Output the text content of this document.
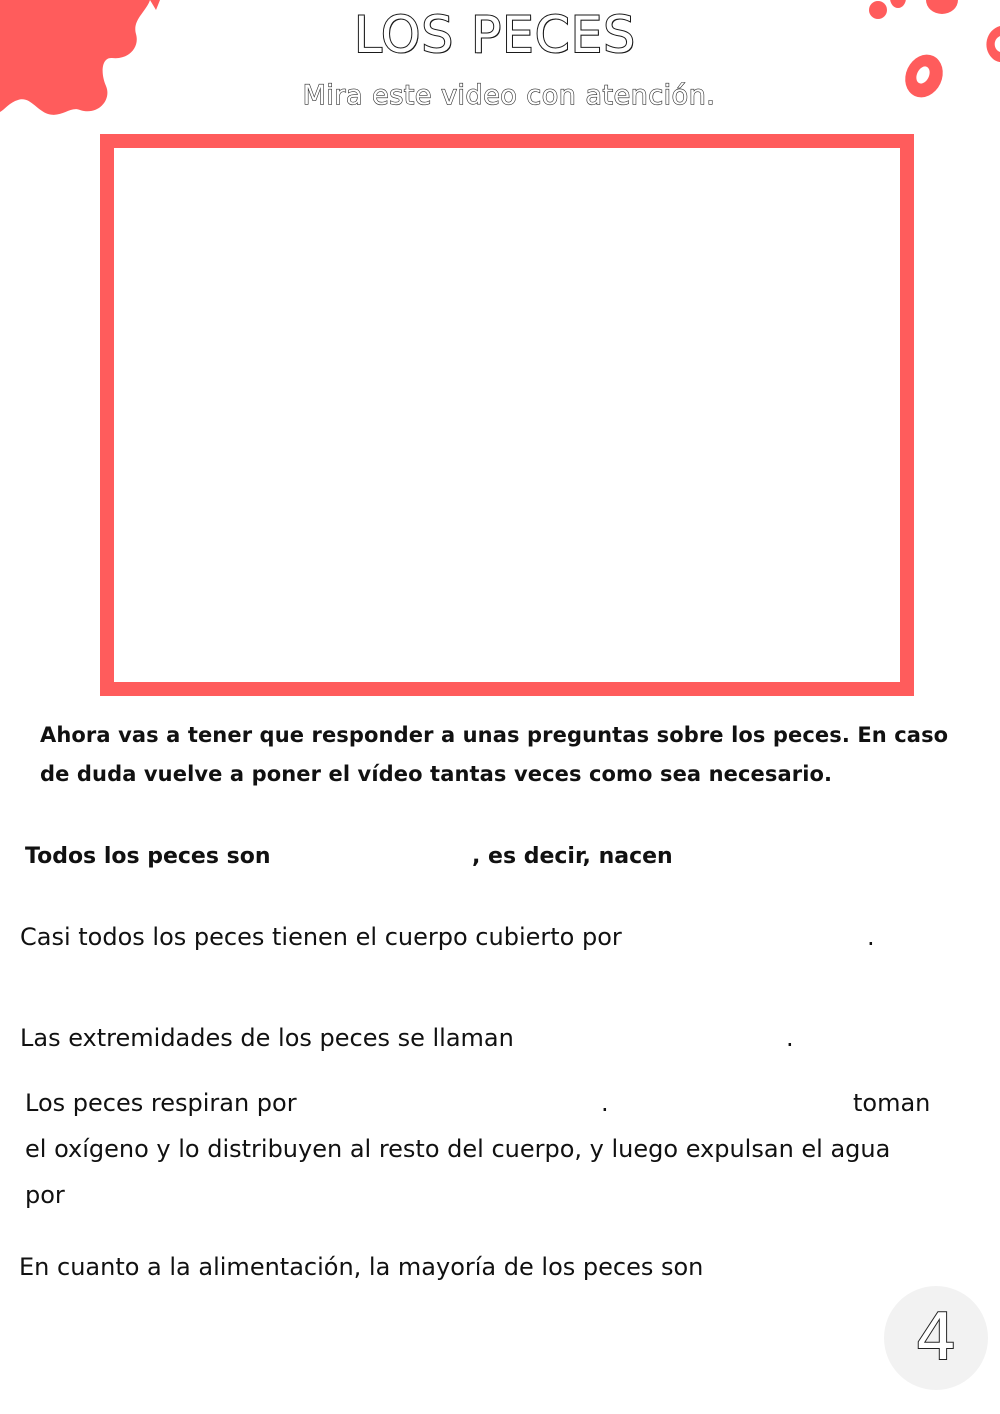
LOS PECES
Mira este video con atención.
Ahora vas a tener que responder a unas preguntas sobre los peces. En caso de duda vuelve a poner el vídeo tantas veces como sea necesario.
Todos los peces son	, es decir, nacen
Casi todos los peces tienen el cuerpo cubierto por	.
Las extremidades de los peces se llaman	.
Los peces respiran por	.	toman
el oxígeno y lo distribuyen al resto del cuerpo, y luego expulsan el agua
por
En cuanto a la alimentación, la mayoría de los peces son
4
